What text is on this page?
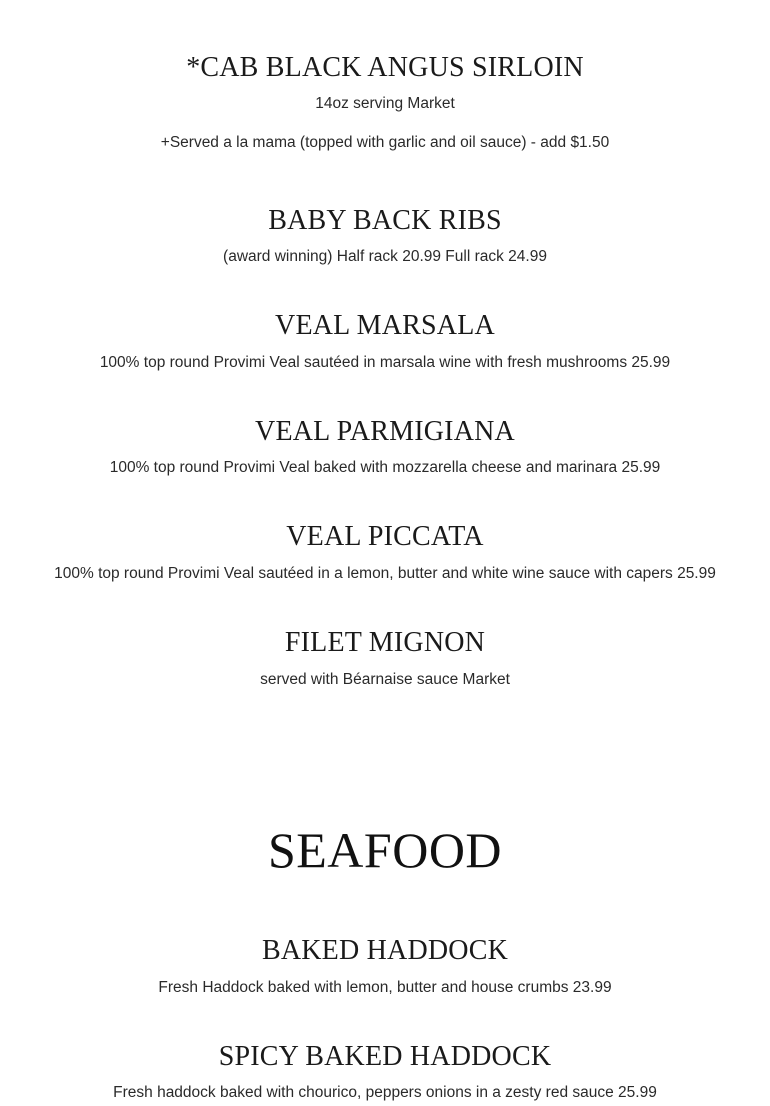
*CAB BLACK ANGUS SIRLOIN
14oz serving Market
+Served a la mama (topped with garlic and oil sauce) - add $1.50
BABY BACK RIBS
(award winning) Half rack 20.99 Full rack 24.99
VEAL MARSALA
100% top round Provimi Veal sautéed in marsala wine with fresh mushrooms 25.99
VEAL PARMIGIANA
100% top round Provimi Veal baked with mozzarella cheese and marinara 25.99
VEAL PICCATA
100% top round Provimi Veal sautéed in a lemon, butter and white wine sauce with capers 25.99
FILET MIGNON
served with Béarnaise sauce Market
SEAFOOD
BAKED HADDOCK
Fresh Haddock baked with lemon, butter and house crumbs 23.99
SPICY BAKED HADDOCK
Fresh haddock baked with chourico, peppers onions in a zesty red sauce 25.99
